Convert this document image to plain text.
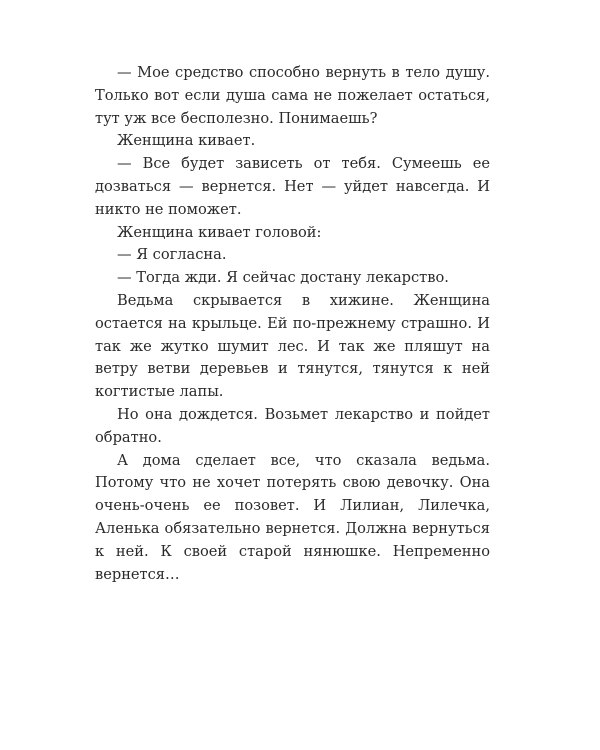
— Мое средство способно вернуть в тело душу. Только вот если душа сама не пожелает остаться, тут уж все бесполезно. Понимаешь?

Женщина кивает.

— Все будет зависеть от тебя. Сумеешь ее дозваться — вернется. Нет — уйдет навсегда. И никто не поможет.

Женщина кивает головой:

— Я согласна.

— Тогда жди. Я сейчас достану лекарство.

Ведьма скрывается в хижине. Женщина остается на крыльце. Ей по-прежнему страшно. И так же жутко шумит лес. И так же пляшут на ветру ветви деревьев и тянутся, тянутся к ней когтистые лапы.

Но она дождется. Возьмет лекарство и пойдет обратно.

А дома сделает все, что сказала ведьма. Потому что не хочет потерять свою девочку. Она очень-очень ее позовет. И Лилиан, Лилечка, Аленька обязательно вернется. Должна вернуться к ней. К своей старой нянюшке. Непременно вернется…
